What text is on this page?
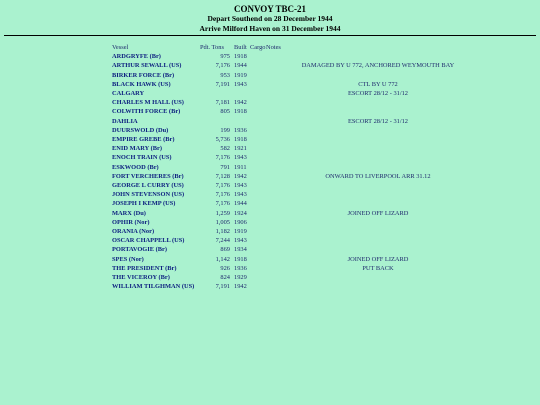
CONVOY TBC-21
Depart Southend on 28 December 1944
Arrive Milford Haven on 31 December 1944
Vessel	Pdt. Tons	Built	Cargo	Notes
ARDGRYFE (Br)	975	1918		
ARTHUR SEWALL (US)	7,176	1944		DAMAGED BY U 772, ANCHORED WEYMOUTH BAY
BIRKER FORCE (Br)	953	1919		
BLACK HAWK (US)	7,191	1943		CTL BY U 772
CALGARY				ESCORT 28/12 - 31/12
CHARLES M HALL (US)	7,181	1942		
COLWITH FORCE (Br)	805	1918		
DAHLIA				ESCORT 28/12 - 31/12
DUURSWOLD (Du)	199	1936		
EMPIRE GREBE (Br)	5,736	1918		
ENID MARY (Br)	582	1921		
ENOCH TRAIN (US)	7,176	1943		
ESKWOOD (Br)	791	1911		
FORT VERCHERES (Br)	7,128	1942		ONWARD TO LIVERPOOL ARR 31.12
GEORGE L CURRY (US)	7,176	1943		
JOHN STEVENSON (US)	7,176	1943		
JOSEPH I KEMP (US)	7,176	1944		
MARX (Du)	1,259	1924		JOINED OFF LIZARD
OPHIR (Nor)	1,005	1906		
ORANIA (Nor)	1,182	1919		
OSCAR CHAPPELL (US)	7,244	1943		
PORTAVOGIE (Br)	869	1934		
SPES (Nor)	1,142	1918		JOINED OFF LIZARD
THE PRESIDENT (Br)	926	1936		PUT BACK
THE VICEROY (Br)	824	1929		
WILLIAM TILGHMAN (US)	7,191	1942		
